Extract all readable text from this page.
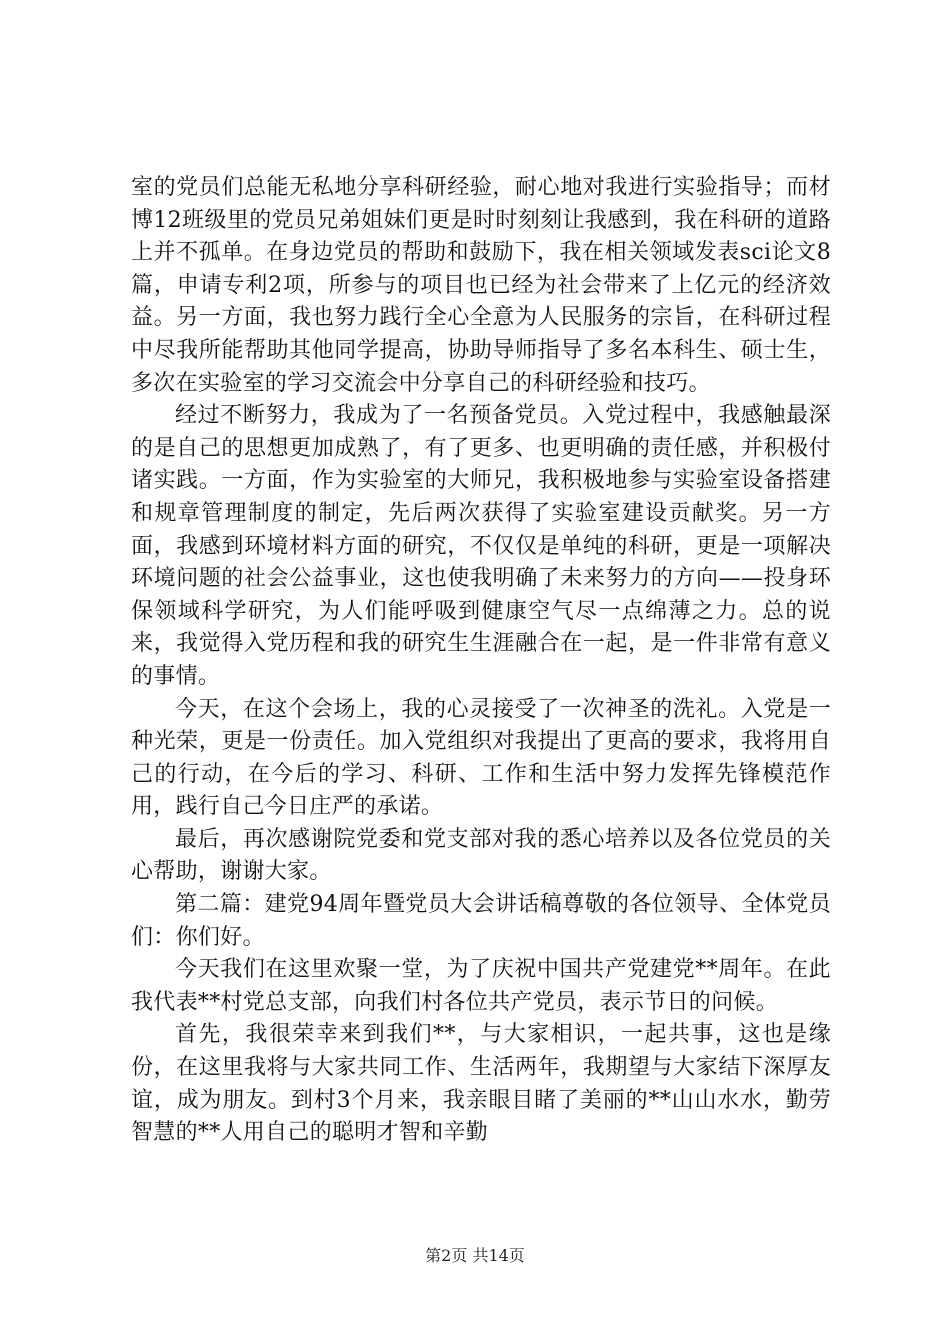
室的党员们总能无私地分享科研经验，耐心地对我进行实验指导；而材博12班级里的党员兄弟姐妹们更是时时刻刻让我感到，我在科研的道路上并不孤单。在身边党员的帮助和鼓励下，我在相关领域发表sci论文8篇，申请专利2项，所参与的项目也已经为社会带来了上亿元的经济效益。另一方面，我也努力践行全心全意为人民服务的宗旨，在科研过程中尽我所能帮助其他同学提高，协助导师指导了多名本科生、硕士生，多次在实验室的学习交流会中分享自己的科研经验和技巧。

经过不断努力，我成为了一名预备党员。入党过程中，我感触最深的是自己的思想更加成熟了，有了更多、也更明确的责任感，并积极付诸实践。一方面，作为实验室的大师兄，我积极地参与实验室设备搭建和规章管理制度的制定，先后两次获得了实验室建设贡献奖。另一方面，我感到环境材料方面的研究，不仅仅是单纯的科研，更是一项解决环境问题的社会公益事业，这也使我明确了未来努力的方向——投身环保领域科学研究，为人们能呼吸到健康空气尽一点绵薄之力。总的说来，我觉得入党历程和我的研究生生涯融合在一起，是一件非常有意义的事情。

今天，在这个会场上，我的心灵接受了一次神圣的洗礼。入党是一种光荣，更是一份责任。加入党组织对我提出了更高的要求，我将用自己的行动，在今后的学习、科研、工作和生活中努力发挥先锋模范作用，践行自己今日庄严的承诺。

最后，再次感谢院党委和党支部对我的悉心培养以及各位党员的关心帮助，谢谢大家。

第二篇：建党94周年暨党员大会讲话稿尊敬的各位领导、全体党员们：你们好。

今天我们在这里欢聚一堂，为了庆祝中国共产党建党**周年。在此我代表**村党总支部，向我们村各位共产党员，表示节日的问候。

首先，我很荣幸来到我们**，与大家相识，一起共事，这也是缘份，在这里我将与大家共同工作、生活两年，我期望与大家结下深厚友谊，成为朋友。到村3个月来，我亲眼目睹了美丽的**山山水水，勤劳智慧的**人用自己的聪明才智和辛勤

第2页 共14页
